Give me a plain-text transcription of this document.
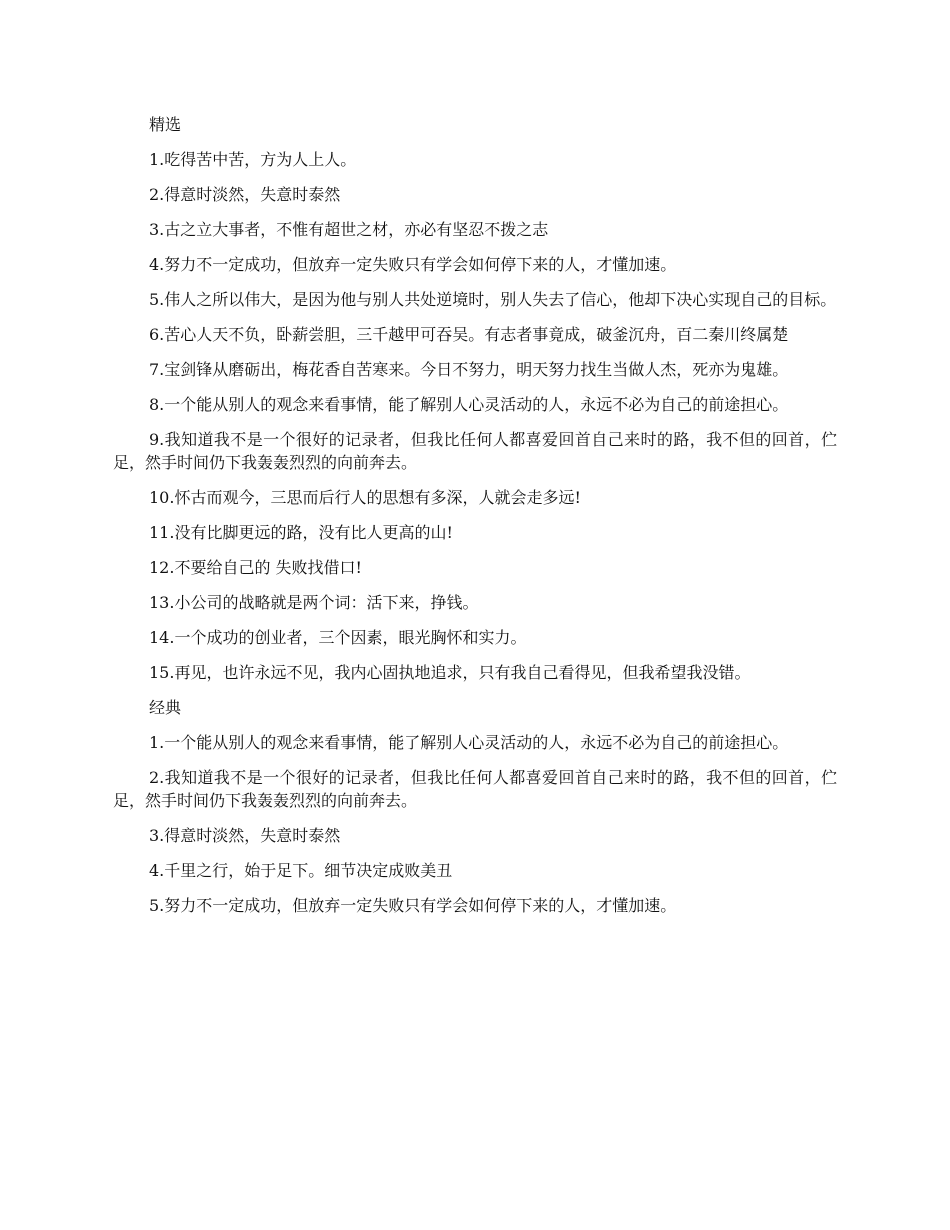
精选

1.吃得苦中苦，方为人上人。

2.得意时淡然，失意时泰然

3.古之立大事者，不惟有超世之材，亦必有坚忍不拨之志

4.努力不一定成功，但放弃一定失败只有学会如何停下来的人，才懂加速。

5.伟人之所以伟大，是因为他与别人共处逆境时，别人失去了信心，他却下决心实现自己的目标。

6.苦心人天不负，卧薪尝胆，三千越甲可吞吴。有志者事竟成，破釜沉舟，百二秦川终属楚

7.宝剑锋从磨砺出，梅花香自苦寒来。今日不努力，明天努力找生当做人杰，死亦为鬼雄。

8.一个能从别人的观念来看事情，能了解别人心灵活动的人，永远不必为自己的前途担心。

9.我知道我不是一个很好的记录者，但我比任何人都喜爱回首自己来时的路，我不但的回首，伫足，然手时间仍下我轰轰烈烈的向前奔去。

10.怀古而观今，三思而后行人的思想有多深，人就会走多远!

11.没有比脚更远的路，没有比人更高的山!

12.不要给自己的 失败找借口!

13.小公司的战略就是两个词：活下来，挣钱。

14.一个成功的创业者，三个因素，眼光胸怀和实力。

15.再见，也许永远不见，我内心固执地追求，只有我自己看得见，但我希望我没错。

经典

1.一个能从别人的观念来看事情，能了解别人心灵活动的人，永远不必为自己的前途担心。

2.我知道我不是一个很好的记录者，但我比任何人都喜爱回首自己来时的路，我不但的回首，伫足，然手时间仍下我轰轰烈烈的向前奔去。

3.得意时淡然，失意时泰然

4.千里之行，始于足下。细节决定成败美丑

5.努力不一定成功，但放弃一定失败只有学会如何停下来的人，才懂加速。
